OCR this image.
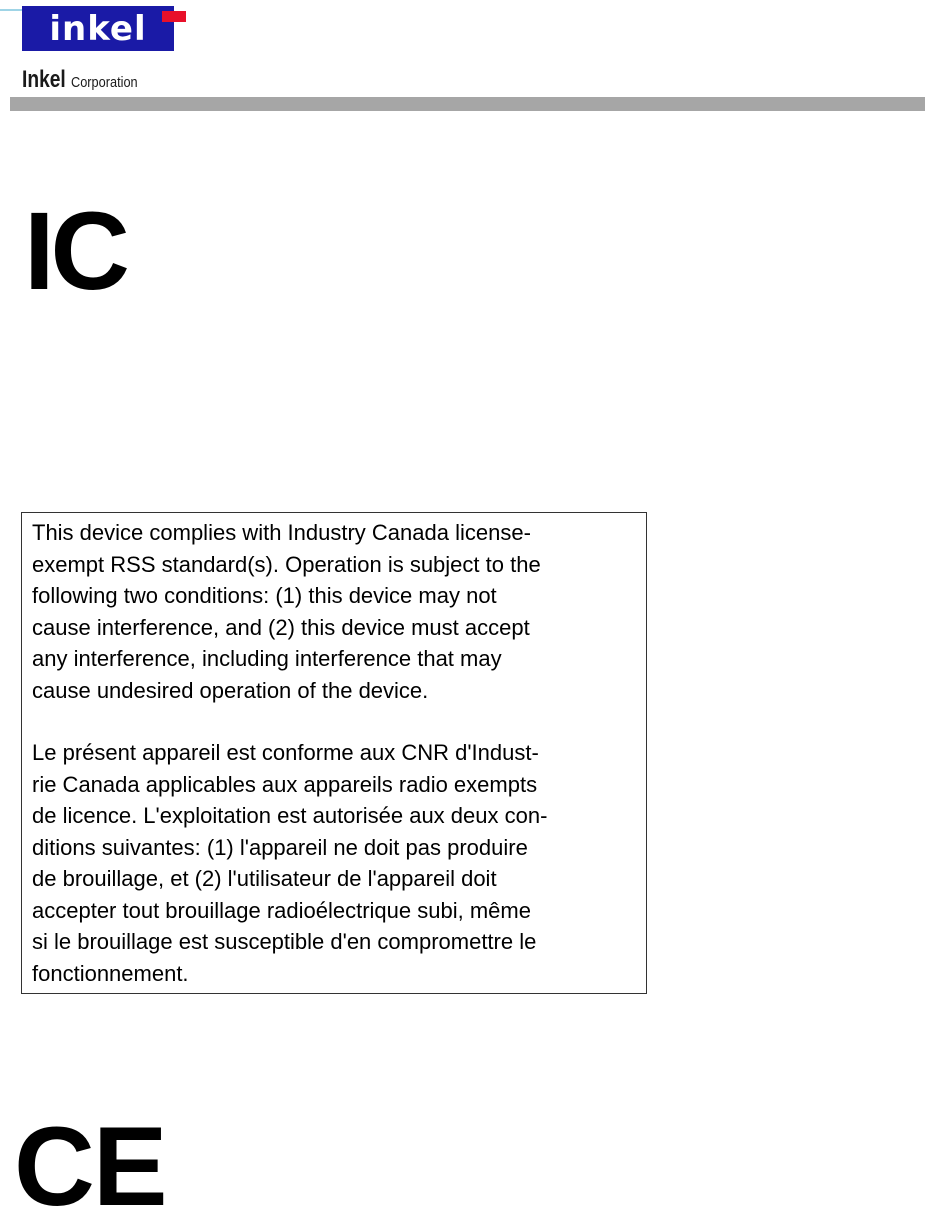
inkel
Inkel Corporation
IC

This device complies with Industry Canada license-
exempt RSS standard(s). Operation is subject to the
following two conditions: (1) this device may not
cause interference, and (2) this device must accept
any interference, including interference that may
cause undesired operation of the device.

Le présent appareil est conforme aux CNR d'Indust-
rie Canada applicables aux appareils radio exempts
de licence. L'exploitation est autorisée aux deux con-
ditions suivantes: (1) l'appareil ne doit pas produire
de brouillage, et (2) l'utilisateur de l'appareil doit
accepter tout brouillage radioélectrique subi, même
si le brouillage est susceptible d'en compromettre le
fonctionnement.

CE
